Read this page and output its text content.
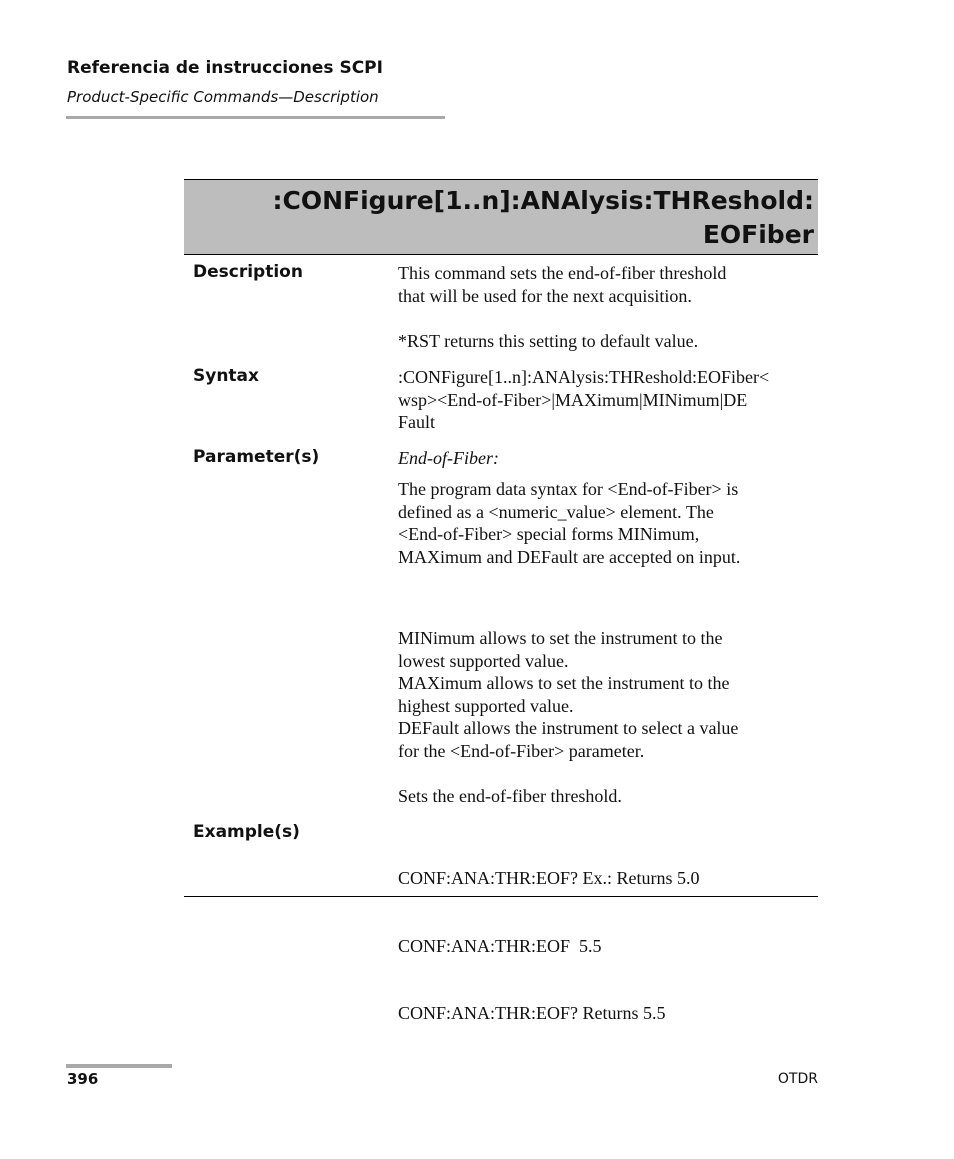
Referencia de instrucciones SCPI
Product-Specific Commands—Description
:CONFigure[1..n]:ANAlysis:THReshold:
EOFiber
Description	This command sets the end-of-fiber threshold
that will be used for the next acquisition.
*RST returns this setting to default value.
Syntax	:CONFigure[1..n]:ANAlysis:THReshold:EOFiber<
wsp><End-of-Fiber>|MAXimum|MINimum|DE
Fault
Parameter(s)	End-of-Fiber:
The program data syntax for <End-of-Fiber> is
defined as a <numeric_value> element. The
<End-of-Fiber> special forms MINimum,
MAXimum and DEFault are accepted on input.
MINimum allows to set the instrument to the
lowest supported value.
MAXimum allows to set the instrument to the
highest supported value.
DEFault allows the instrument to select a value
for the <End-of-Fiber> parameter.
Sets the end-of-fiber threshold.
Example(s)

CONF:ANA:THR:EOF? Ex.: Returns 5.0

CONF:ANA:THR:EOF  5.5

CONF:ANA:THR:EOF? Returns 5.5

396	OTDR
